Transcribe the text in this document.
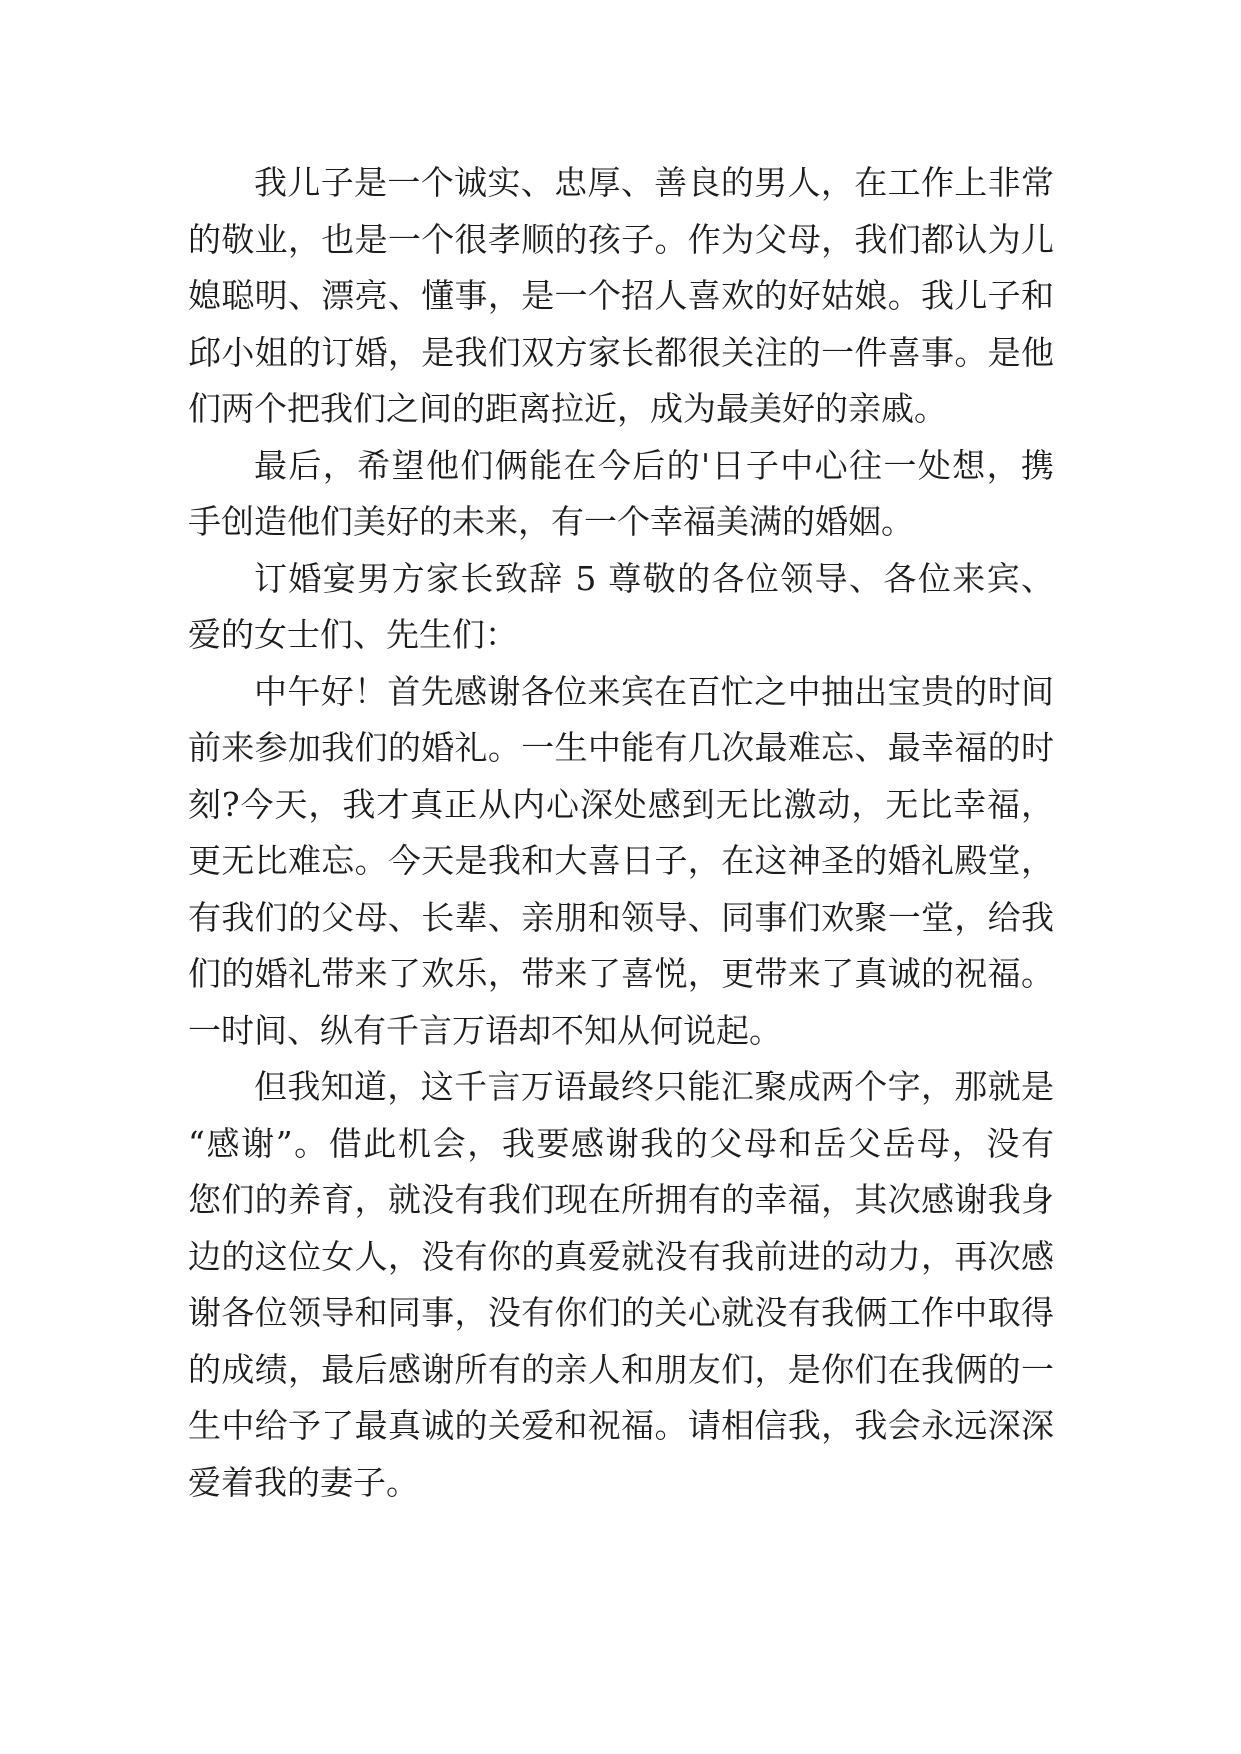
我儿子是一个诚实、忠厚、善良的男人，在工作上非常
的敬业，也是一个很孝顺的孩子。作为父母，我们都认为儿
媳聪明、漂亮、懂事，是一个招人喜欢的好姑娘。我儿子和
邱小姐的订婚，是我们双方家长都很关注的一件喜事。是他
们两个把我们之间的距离拉近，成为最美好的亲戚。
最后，希望他们俩能在今后的'日子中心往一处想，携
手创造他们美好的未来，有一个幸福美满的婚姻。
订婚宴男方家长致辞 5 尊敬的各位领导、各位来宾、
爱的女士们、先生们：
中午好！首先感谢各位来宾在百忙之中抽出宝贵的时间
前来参加我们的婚礼。一生中能有几次最难忘、最幸福的时
刻?今天，我才真正从内心深处感到无比激动，无比幸福，
更无比难忘。今天是我和大喜日子，在这神圣的婚礼殿堂，
有我们的父母、长辈、亲朋和领导、同事们欢聚一堂，给我
们的婚礼带来了欢乐，带来了喜悦，更带来了真诚的祝福。
一时间、纵有千言万语却不知从何说起。
但我知道，这千言万语最终只能汇聚成两个字，那就是
“感谢”。借此机会，我要感谢我的父母和岳父岳母，没有
您们的养育，就没有我们现在所拥有的幸福，其次感谢我身
边的这位女人，没有你的真爱就没有我前进的动力，再次感
谢各位领导和同事，没有你们的关心就没有我俩工作中取得
的成绩，最后感谢所有的亲人和朋友们，是你们在我俩的一
生中给予了最真诚的关爱和祝福。请相信我，我会永远深深
爱着我的妻子。
